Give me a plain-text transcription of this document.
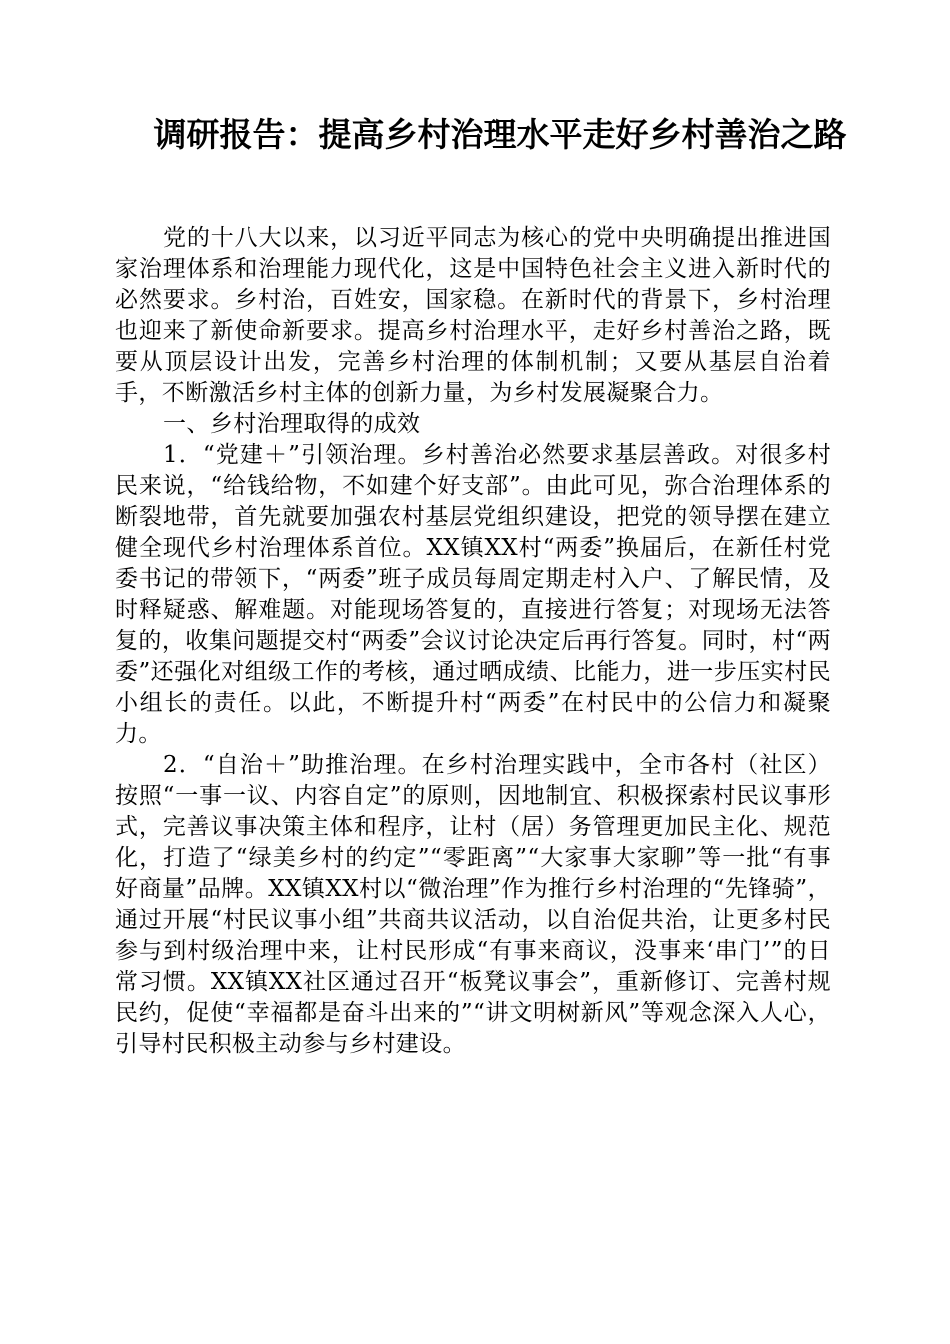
调研报告：提高乡村治理水平走好乡村善治之路

党的十八大以来，以习近平同志为核心的党中央明确提出推进国家治理体系和治理能力现代化，这是中国特色社会主义进入新时代的必然要求。乡村治，百姓安，国家稳。在新时代的背景下，乡村治理也迎来了新使命新要求。提高乡村治理水平，走好乡村善治之路，既要从顶层设计出发，完善乡村治理的体制机制；又要从基层自治着手，不断激活乡村主体的创新力量，为乡村发展凝聚合力。

一、乡村治理取得的成效

1．“党建＋”引领治理。乡村善治必然要求基层善政。对很多村民来说，“给钱给物，不如建个好支部”。由此可见，弥合治理体系的断裂地带，首先就要加强农村基层党组织建设，把党的领导摆在建立健全现代乡村治理体系首位。XX镇XX村“两委”换届后，在新任村党委书记的带领下，“两委”班子成员每周定期走村入户、了解民情，及时释疑惑、解难题。对能现场答复的，直接进行答复；对现场无法答复的，收集问题提交村“两委”会议讨论决定后再行答复。同时，村“两委”还强化对组级工作的考核，通过晒成绩、比能力，进一步压实村民小组长的责任。以此，不断提升村“两委”在村民中的公信力和凝聚力。

2．“自治＋”助推治理。在乡村治理实践中，全市各村（社区）按照“一事一议、内容自定”的原则，因地制宜、积极探索村民议事形式，完善议事决策主体和程序，让村（居）务管理更加民主化、规范化，打造了“绿美乡村的约定”“零距离”“大家事大家聊”等一批“有事好商量”品牌。XX镇XX村以“微治理”作为推行乡村治理的“先锋骑”，通过开展“村民议事小组”共商共议活动，以自治促共治，让更多村民参与到村级治理中来，让村民形成“有事来商议，没事来‘串门’”的日常习惯。XX镇XX社区通过召开“板凳议事会”，重新修订、完善村规民约，促使“幸福都是奋斗出来的”“讲文明树新风”等观念深入人心，引导村民积极主动参与乡村建设。
